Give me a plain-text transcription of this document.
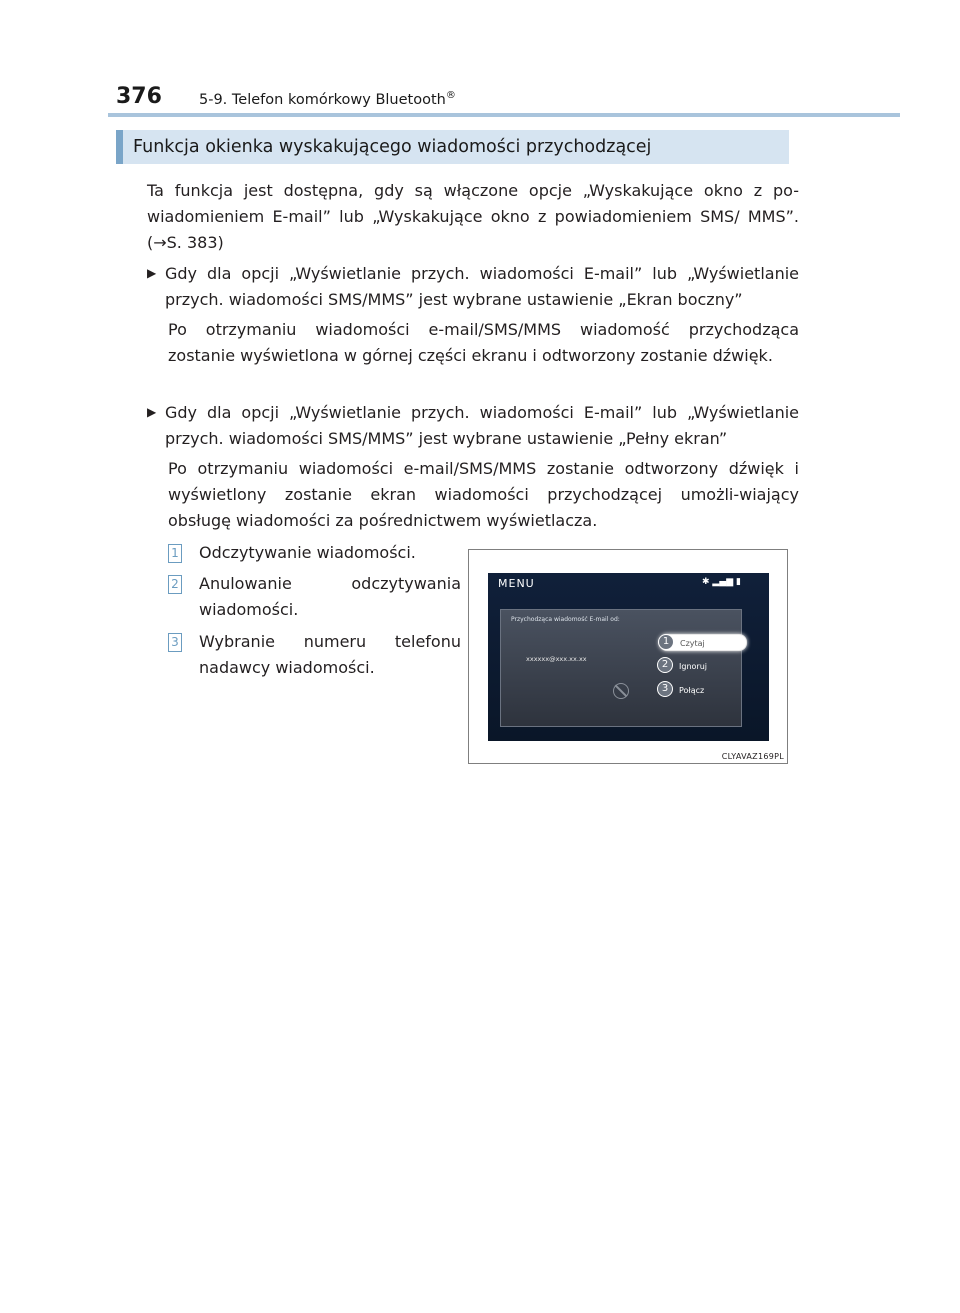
376	5-9. Telefon komórkowy Bluetooth®
Funkcja okienka wyskakującego wiadomości przychodzącej
Ta funkcja jest dostępna, gdy są włączone opcje „Wyskakujące okno z po-wiadomieniem E-mail” lub „Wyskakujące okno z powiadomieniem SMS/ MMS”. (→S. 383)
▶ Gdy dla opcji „Wyświetlanie przych. wiadomości E-mail” lub „Wyświetlanie przych. wiadomości SMS/MMS” jest wybrane ustawienie „Ekran boczny”
Po otrzymaniu wiadomości e-mail/SMS/MMS wiadomość przychodząca zostanie wyświetlona w górnej części ekranu i odtworzony zostanie dźwięk.
▶ Gdy dla opcji „Wyświetlanie przych. wiadomości E-mail” lub „Wyświetlanie przych. wiadomości SMS/MMS” jest wybrane ustawienie „Pełny ekran”
Po otrzymaniu wiadomości e-mail/SMS/MMS zostanie odtworzony dźwięk i wyświetlony zostanie ekran wiadomości przychodzącej umożli-wiający obsługę wiadomości za pośrednictwem wyświetlacza.
1 Odczytywanie wiadomości.
2 Anulowanie odczytywania wiadomości.
3 Wybranie numeru telefonu nadawcy wiadomości.
CLYAVAZ169PL
MENU	✱ ▂▄▆ ▮
Przychodząca wiadomość E-mail od:
xxxxxx@xxx.xx.xx
1	Czytaj
2	Ignoruj
3	Połącz
